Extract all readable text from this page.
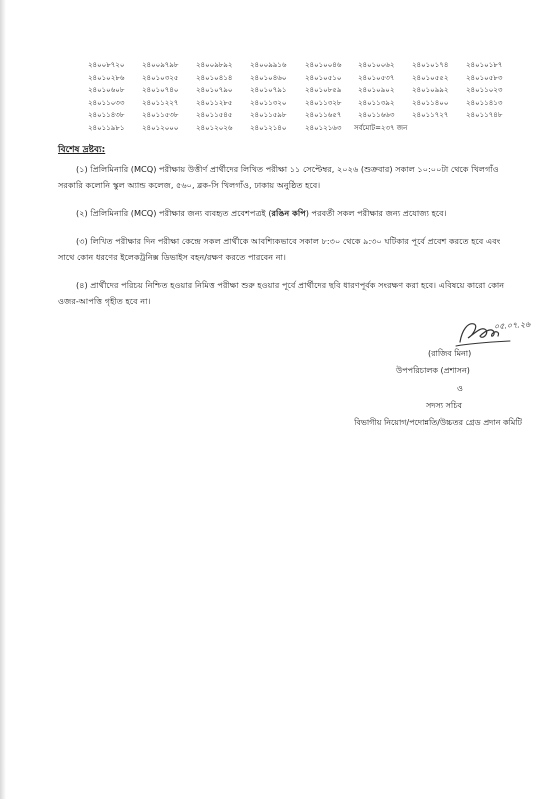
সর্বমোট=২৩৭ জন
২৪০০৮৭২০	২৪০০৯৭৯৮	২৪০০৯৮৯২	২৪০০৯৯১৬	২৪০১০০৪৬ ২৪০১০০৬২	২৪০১০১৭৪	২৪০১০১৮৭
২৪০১০২৮৬	২৪০১০৩২৫	২৪০১০৪১৪	২৪০১০৪৬০	২৪০১০৫১০ ২৪০১০৫৩৭	২৪০১০৫৫২	২৪০১০৫৮৩
২৪০১০৬০৮	২৪০১০৭৪০	২৪০১০৭৯০	২৪০১০৭৯১	২৪০১০৮৫৯ ২৪০১০৯০২	২৪০১০৯৯২	২৪০১১০২৩
২৪০১১০৩৩	২৪০১১২২৭	২৪০১১২৮৫	২৪০১১৩২০	২৪০১১৩২৮ ২৪০১১৩৯২	২৪০১১৪০০	২৪০১১৪১৩
২৪০১১৪৩৮	২৪০১১৫৩৮	২৪০১১৫৪৫	২৪০১১৫৯৮	২৪০১১৬৫৭ ২৪০১১৬৬৩	২৪০১১৭২৭	২৪০১১৭৪৮
২৪০১১৯৮১	২৪০১২০০০	২৪০১২০২৬	২৪০১২১৪০	২৪০১২১৬৩
বিশেষ দ্রষ্টব্য:

(১) প্রিলিমিনারি (MCQ) পরীক্ষায় উত্তীর্ণ প্রার্থীদের লিখিত পরীক্ষা ১১ সেপ্টেম্বর, ২০২৬ (শুক্রবার) সকাল ১০:০০টা থেকে খিলগাঁও সরকারি কলোনি স্কুল অ্যান্ড কলেজ, ৫৬০, ব্লক-সি খিলগাঁও, ঢাকায় অনুষ্ঠিত হবে।

(২) প্রিলিমিনারি (MCQ) পরীক্ষার জন্য ব্যবহৃত প্রবেশপত্রই (রঙিন কপি) পরবর্তী সকল পরীক্ষার জন্য প্রযোজ্য হবে।

(৩) লিখিত পরীক্ষার দিন পরীক্ষা কেন্দ্রে সকল প্রার্থীকে আবশ্যিকভাবে সকাল ৮:৩০ থেকে ৯:৩০ ঘটিকার পূর্বে প্রবেশ করতে হবে এবং সাথে কোন ধরণের ইলেকট্রনিক্স ডিভাইস বহন/রক্ষণ করতে পারবেন না।

(৪) প্রার্থীদের পরিচয় নিশ্চিত হওয়ার নিমিত্ত পরীক্ষা শুরু হওয়ার পূর্বে প্রার্থীদের ছবি ধারণপূর্বক সংরক্ষণ করা হবে। এবিষয়ে কারো কোন ওজর-আপত্তি গৃহীত হবে না।

০৫.০৭.২৬
(রাজিব মিনা)
উপপরিচালক (প্রশাসন)
ও
সদস্য সচিব
বিভাগীয় নিয়োগ/পদোন্নতি/উচ্চতর গ্রেড প্রদান কমিটি
